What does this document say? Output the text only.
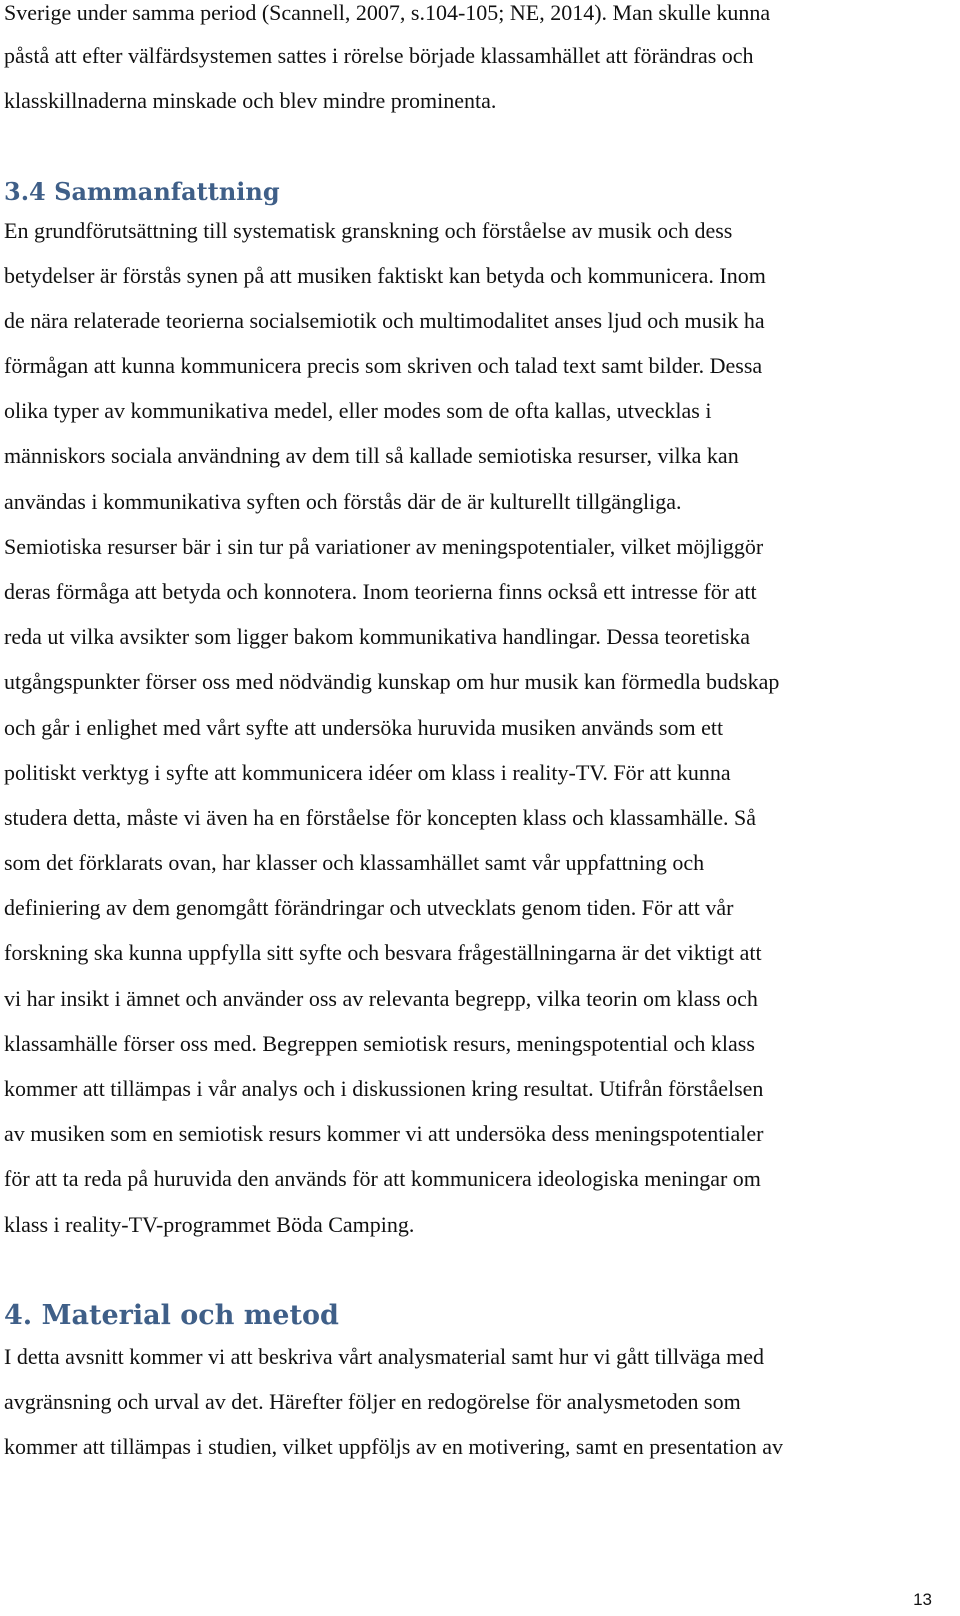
Sverige under samma period (Scannell, 2007, s.104-105; NE, 2014). Man skulle kunna
påstå att efter välfärdsystemen sattes i rörelse började klassamhället att förändras och
klasskillnaderna minskade och blev mindre prominenta.
3.4 Sammanfattning
En grundförutsättning till systematisk granskning och förståelse av musik och dess
betydelser är förstås synen på att musiken faktiskt kan betyda och kommunicera. Inom
de nära relaterade teorierna socialsemiotik och multimodalitet anses ljud och musik ha
förmågan att kunna kommunicera precis som skriven och talad text samt bilder. Dessa
olika typer av kommunikativa medel, eller modes som de ofta kallas, utvecklas i
människors sociala användning av dem till så kallade semiotiska resurser, vilka kan
användas i kommunikativa syften och förstås där de är kulturellt tillgängliga.
Semiotiska resurser bär i sin tur på variationer av meningspotentialer, vilket möjliggör
deras förmåga att betyda och konnotera. Inom teorierna finns också ett intresse för att
reda ut vilka avsikter som ligger bakom kommunikativa handlingar. Dessa teoretiska
utgångspunkter förser oss med nödvändig kunskap om hur musik kan förmedla budskap
och går i enlighet med vårt syfte att undersöka huruvida musiken används som ett
politiskt verktyg i syfte att kommunicera idéer om klass i reality-TV. För att kunna
studera detta, måste vi även ha en förståelse för koncepten klass och klassamhälle. Så
som det förklarats ovan, har klasser och klassamhället samt vår uppfattning och
definiering av dem genomgått förändringar och utvecklats genom tiden. För att vår
forskning ska kunna uppfylla sitt syfte och besvara frågeställningarna är det viktigt att
vi har insikt i ämnet och använder oss av relevanta begrepp, vilka teorin om klass och
klassamhälle förser oss med. Begreppen semiotisk resurs, meningspotential och klass
kommer att tillämpas i vår analys och i diskussionen kring resultat. Utifrån förståelsen
av musiken som en semiotisk resurs kommer vi att undersöka dess meningspotentialer
för att ta reda på huruvida den används för att kommunicera ideologiska meningar om
klass i reality-TV-programmet Böda Camping.
4. Material och metod
I detta avsnitt kommer vi att beskriva vårt analysmaterial samt hur vi gått tillväga med
avgränsning och urval av det. Härefter följer en redogörelse för analysmetoden som
kommer att tillämpas i studien, vilket uppföljs av en motivering, samt en presentation av
13
